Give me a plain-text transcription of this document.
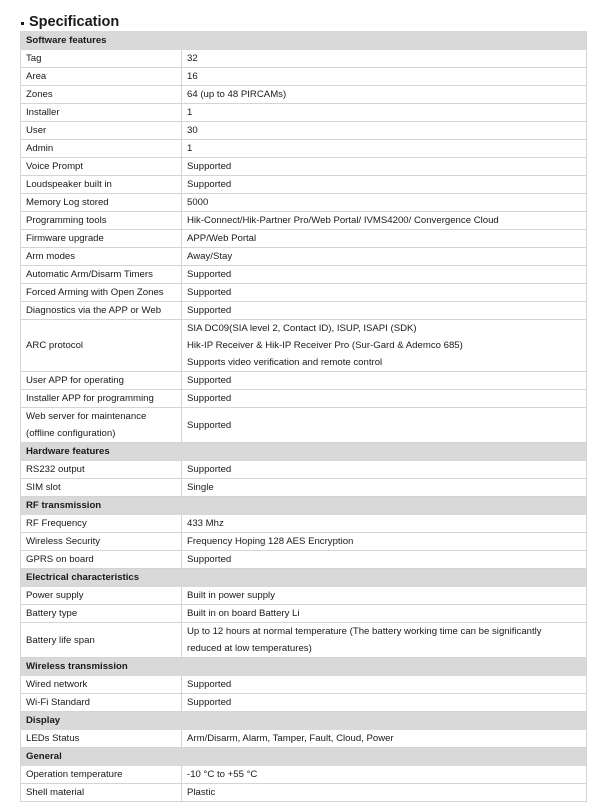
Specification
Software features	

Tag	32

Area	16

Zones	64 (up to 48 PIRCAMs)

Installer	1

User	30

Admin	1

Voice Prompt	Supported

Loudspeaker built in	Supported

Memory Log stored	5000

Programming tools	Hik-Connect/Hik-Partner Pro/Web Portal/ IVMS4200/ Convergence Cloud

Firmware upgrade	APP/Web Portal

Arm modes	Away/Stay

Automatic Arm/Disarm Timers	Supported

Forced Arming with Open Zones	Supported

Diagnostics via the APP or Web	Supported

ARC protocol	SIA DC09(SIA level 2, Contact ID), ISUP, ISAPI (SDK)
Hik-IP Receiver & Hik-IP Receiver Pro (Sur-Gard & Ademco 685)
Supports video verification and remote control

User APP for operating	Supported

Installer APP for programming	Supported

Web server for maintenance
(offline configuration)	Supported

Hardware features	

RS232 output	Supported

SIM slot	Single

RF transmission	

RF Frequency	433 Mhz

Wireless Security	Frequency Hoping 128 AES Encryption

GPRS on board	Supported

Electrical characteristics	

Power supply	Built in power supply

Battery type	Built in on board Battery Li

Battery life span	Up to 12 hours at normal temperature (The battery working time can be significantly
reduced at low temperatures)

Wireless transmission	

Wired network	Supported

Wi-Fi Standard	Supported

Display	

LEDs Status	Arm/Disarm, Alarm, Tamper, Fault, Cloud, Power

General	

Operation temperature	-10 °C to +55 °C

Shell material	Plastic
